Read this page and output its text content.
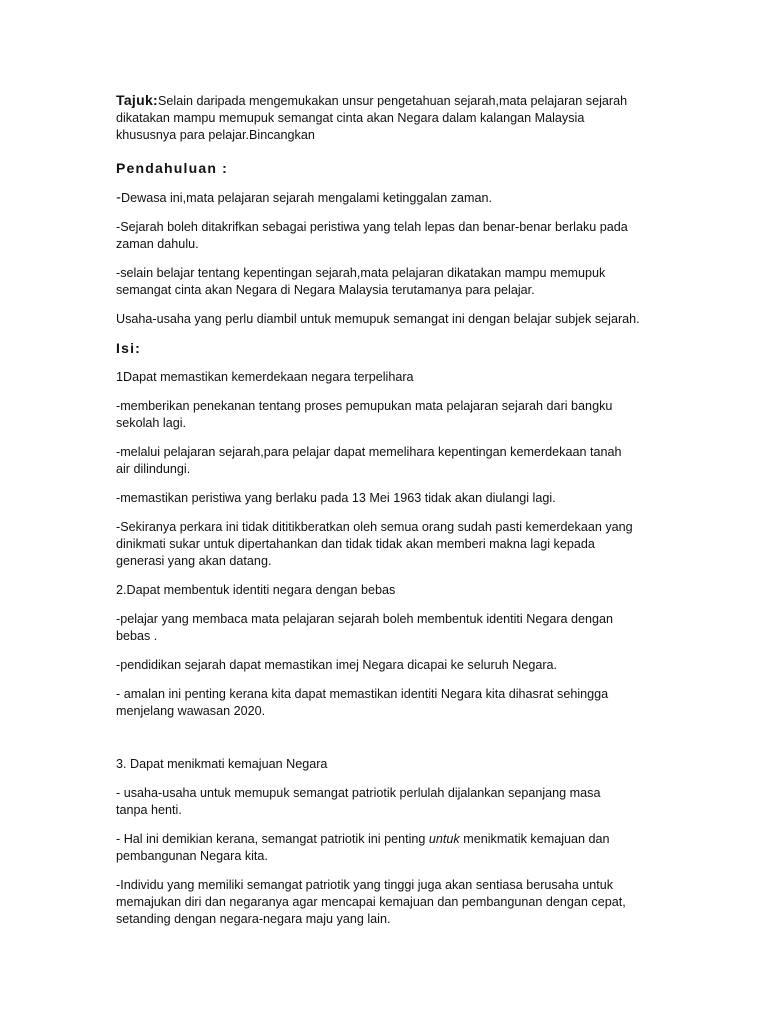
Tajuk:Selain daripada mengemukakan unsur pengetahuan sejarah,mata pelajaran sejarah
dikatakan mampu memupuk semangat cinta akan Negara dalam kalangan Malaysia
khususnya para pelajar.Bincangkan
Pendahuluan :

-Dewasa ini,mata pelajaran sejarah mengalami ketinggalan zaman.

-Sejarah boleh ditakrifkan sebagai peristiwa yang telah lepas dan benar-benar berlaku pada
zaman dahulu.

-selain belajar tentang kepentingan sejarah,mata pelajaran dikatakan mampu memupuk
semangat cinta akan Negara di Negara Malaysia terutamanya para pelajar.

Usaha-usaha yang perlu diambil untuk memupuk semangat ini dengan belajar subjek sejarah.

Isi:

1Dapat memastikan kemerdekaan negara terpelihara

-memberikan penekanan tentang proses pemupukan mata pelajaran sejarah dari bangku
sekolah lagi.

-melalui pelajaran sejarah,para pelajar dapat memelihara kepentingan kemerdekaan tanah
air dilindungi.

-memastikan peristiwa yang berlaku pada 13 Mei 1963 tidak akan diulangi lagi.

-Sekiranya perkara ini tidak dititikberatkan oleh semua orang sudah pasti kemerdekaan yang
dinikmati sukar untuk dipertahankan dan tidak tidak akan memberi makna lagi kepada
generasi yang akan datang.

2.Dapat membentuk identiti negara dengan bebas

-pelajar yang membaca mata pelajaran sejarah boleh membentuk identiti Negara dengan
bebas .

-pendidikan sejarah dapat memastikan imej Negara dicapai ke seluruh Negara.

- amalan ini penting kerana kita dapat memastikan identiti Negara kita dihasrat sehingga
menjelang wawasan 2020.

3. Dapat menikmati kemajuan Negara

- usaha-usaha untuk memupuk semangat patriotik perlulah dijalankan sepanjang masa
tanpa henti.

- Hal ini demikian kerana, semangat patriotik ini penting untuk menikmatik kemajuan dan
pembangunan Negara kita.

-Individu yang memiliki semangat patriotik yang tinggi juga akan sentiasa berusaha untuk
memajukan diri dan negaranya agar mencapai kemajuan dan pembangunan dengan cepat,
setanding dengan negara-negara maju yang lain.
